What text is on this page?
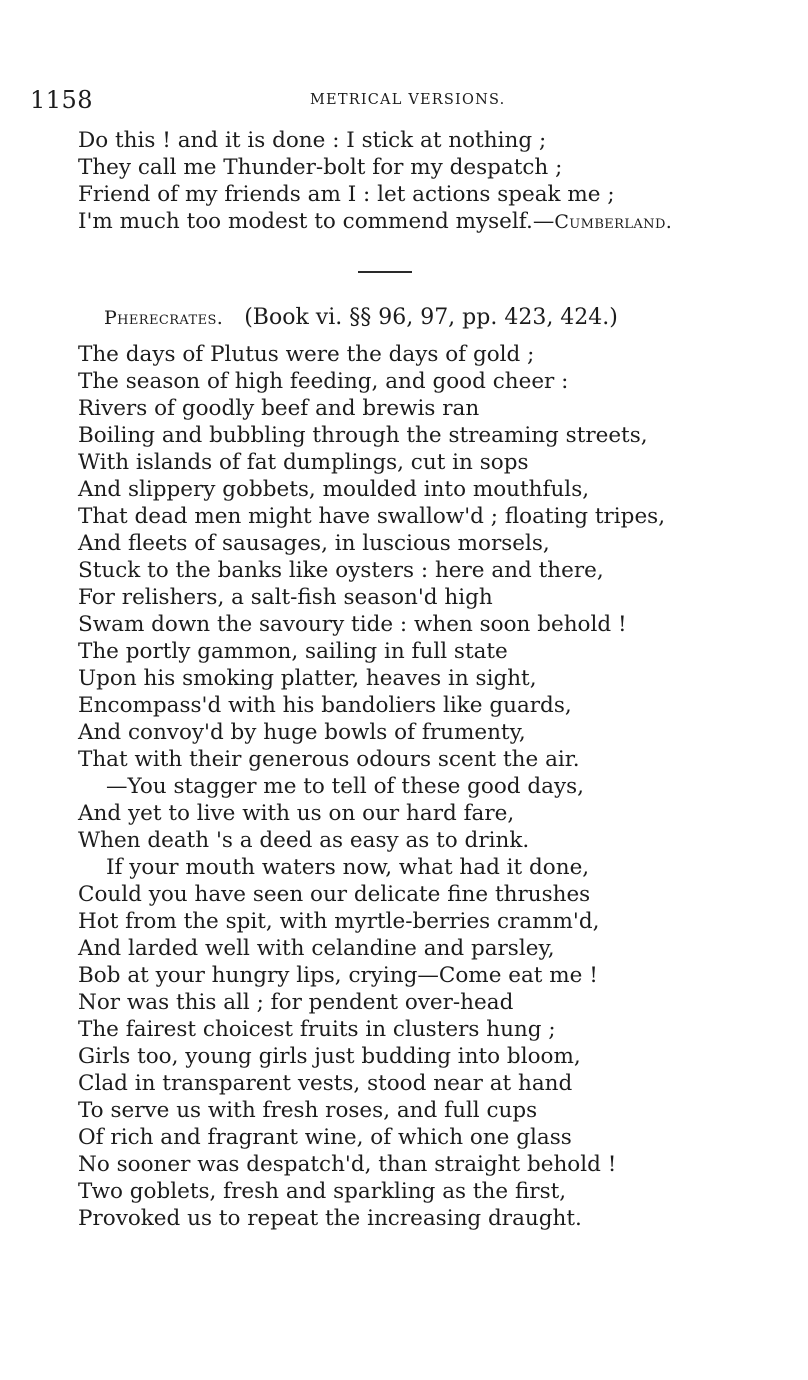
1158	METRICAL VERSIONS.
Do this ! and it is done : I stick at nothing ;
They call me Thunder-bolt for my despatch ;
Friend of my friends am I : let actions speak me ;
I'm much too modest to commend myself.—Cumberland.
Pherecrates. (Book vi. §§ 96, 97, pp. 423, 424.)
The days of Plutus were the days of gold ;
The season of high feeding, and good cheer :
Rivers of goodly beef and brewis ran
Boiling and bubbling through the streaming streets,
With islands of fat dumplings, cut in sops
And slippery gobbets, moulded into mouthfuls,
That dead men might have swallow'd ; floating tripes,
And fleets of sausages, in luscious morsels,
Stuck to the banks like oysters : here and there,
For relishers, a salt-fish season'd high
Swam down the savoury tide : when soon behold !
The portly gammon, sailing in full state
Upon his smoking platter, heaves in sight,
Encompass'd with his bandoliers like guards,
And convoy'd by huge bowls of frumenty,
That with their generous odours scent the air.
—You stagger me to tell of these good days,
And yet to live with us on our hard fare,
When death 's a deed as easy as to drink.
If your mouth waters now, what had it done,
Could you have seen our delicate fine thrushes
Hot from the spit, with myrtle-berries cramm'd,
And larded well with celandine and parsley,
Bob at your hungry lips, crying—Come eat me !
Nor was this all ; for pendent over-head
The fairest choicest fruits in clusters hung ;
Girls too, young girls just budding into bloom,
Clad in transparent vests, stood near at hand
To serve us with fresh roses, and full cups
Of rich and fragrant wine, of which one glass
No sooner was despatch'd, than straight behold !
Two goblets, fresh and sparkling as the first,
Provoked us to repeat the increasing draught.
